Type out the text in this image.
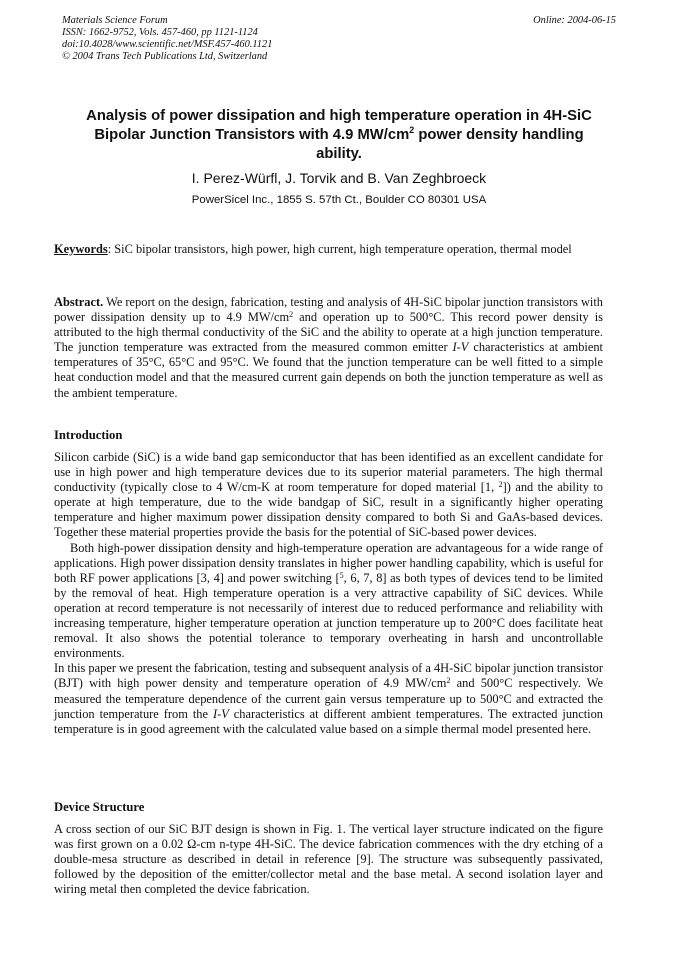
Materials Science Forum
ISSN: 1662-9752, Vols. 457-460, pp 1121-1124
doi:10.4028/www.scientific.net/MSF.457-460.1121
© 2004 Trans Tech Publications Ltd, Switzerland
Online: 2004-06-15
Analysis of power dissipation and high temperature operation in 4H-SiC
Bipolar Junction Transistors with 4.9 $MW/cm^2$ power density handling
ability.
I. Perez-Würfl, J. Torvik and B. Van Zeghbroeck
PowerSicel Inc., 1855 S. 57th Ct., Boulder CO 80301 USA

Keywords: SiC bipolar transistors, high power, high current, high temperature operation, thermal model

Abstract. We report on the design, fabrication, testing and analysis of 4H-SiC bipolar junction transistors with power dissipation density up to 4.9 $MW/cm^2$ and operation up to 500°C. This record power density is attributed to the high thermal conductivity of the SiC and the ability to operate at a high junction temperature. The junction temperature was extracted from the measured common emitter I-V characteristics at ambient temperatures of 35°C, 65°C and 95°C. We found that the junction temperature can be well fitted to a simple heat conduction model and that the measured current gain depends on both the junction temperature as well as the ambient temperature.

Introduction

Silicon carbide (SiC) is a wide band gap semiconductor that has been identified as an excellent candidate for use in high power and high temperature devices due to its superior material parameters. The high thermal conductivity (typically close to 4 W/cm-K at room temperature for doped material [1, $^2$]) and the ability to operate at high temperature, due to the wide bandgap of SiC, result in a significantly higher operating temperature and higher maximum power dissipation density compared to both Si and GaAs-based devices. Together these material properties provide the basis for the potential of SiC-based power devices.

Both high-power dissipation density and high-temperature operation are advantageous for a wide range of applications. High power dissipation density translates in higher power handling capability, which is useful for both RF power applications [3, 4] and power switching [$^5$, 6, 7, 8] as both types of devices tend to be limited by the removal of heat. High temperature operation is a very attractive capability of SiC devices. While operation at record temperature is not necessarily of interest due to reduced performance and reliability with increasing temperature, higher temperature operation at junction temperature up to 200°C does facilitate heat removal. It also shows the potential tolerance to temporary overheating in harsh and uncontrollable environments.

In this paper we present the fabrication, testing and subsequent analysis of a 4H-SiC bipolar junction transistor (BJT) with high power density and temperature operation of 4.9 $MW/cm^2$ and 500°C respectively. We measured the temperature dependence of the current gain versus temperature up to 500°C and extracted the junction temperature from the I-V characteristics at different ambient temperatures. The extracted junction temperature is in good agreement with the calculated value based on a simple thermal model presented here.

Device Structure

A cross section of our SiC BJT design is shown in Fig. 1. The vertical layer structure indicated on the figure was first grown on a 0.02 Ω-cm n-type 4H-SiC. The device fabrication commences with the dry etching of a double-mesa structure as described in detail in reference [9]. The structure was subsequently passivated, followed by the deposition of the emitter/collector metal and the base metal. A second isolation layer and wiring metal then completed the device fabrication.
